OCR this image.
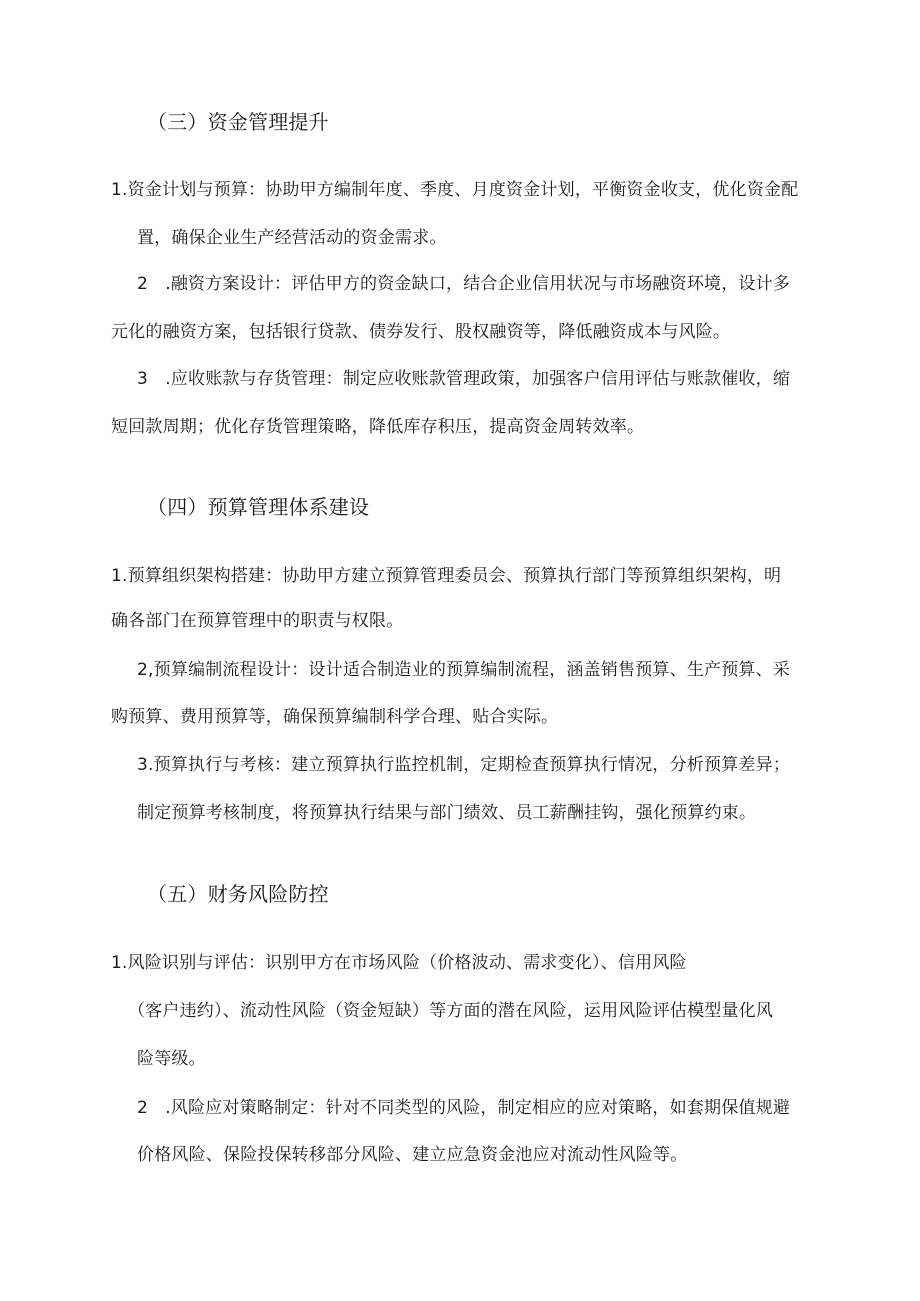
（三）资金管理提升
1.资金计划与预算：协助甲方编制年度、季度、月度资金计划，平衡资金收支，优化资金配
置，确保企业生产经营活动的资金需求。
2　.融资方案设计：评估甲方的资金缺口，结合企业信用状况与市场融资环境，设计多
元化的融资方案，包括银行贷款、债券发行、股权融资等，降低融资成本与风险。
3　.应收账款与存货管理：制定应收账款管理政策，加强客户信用评估与账款催收，缩
短回款周期；优化存货管理策略，降低库存积压，提高资金周转效率。
（四）预算管理体系建设
1.预算组织架构搭建：协助甲方建立预算管理委员会、预算执行部门等预算组织架构，明
确各部门在预算管理中的职责与权限。
2,预算编制流程设计：设计适合制造业的预算编制流程，涵盖销售预算、生产预算、采
购预算、费用预算等，确保预算编制科学合理、贴合实际。
3.预算执行与考核：建立预算执行监控机制，定期检查预算执行情况，分析预算差异；
制定预算考核制度，将预算执行结果与部门绩效、员工薪酬挂钩，强化预算约束。
（五）财务风险防控
1.风险识别与评估：识别甲方在市场风险（价格波动、需求变化）、信用风险
（客户违约）、流动性风险（资金短缺）等方面的潜在风险，运用风险评估模型量化风
险等级。
2　.风险应对策略制定：针对不同类型的风险，制定相应的应对策略，如套期保值规避
价格风险、保险投保转移部分风险、建立应急资金池应对流动性风险等。
